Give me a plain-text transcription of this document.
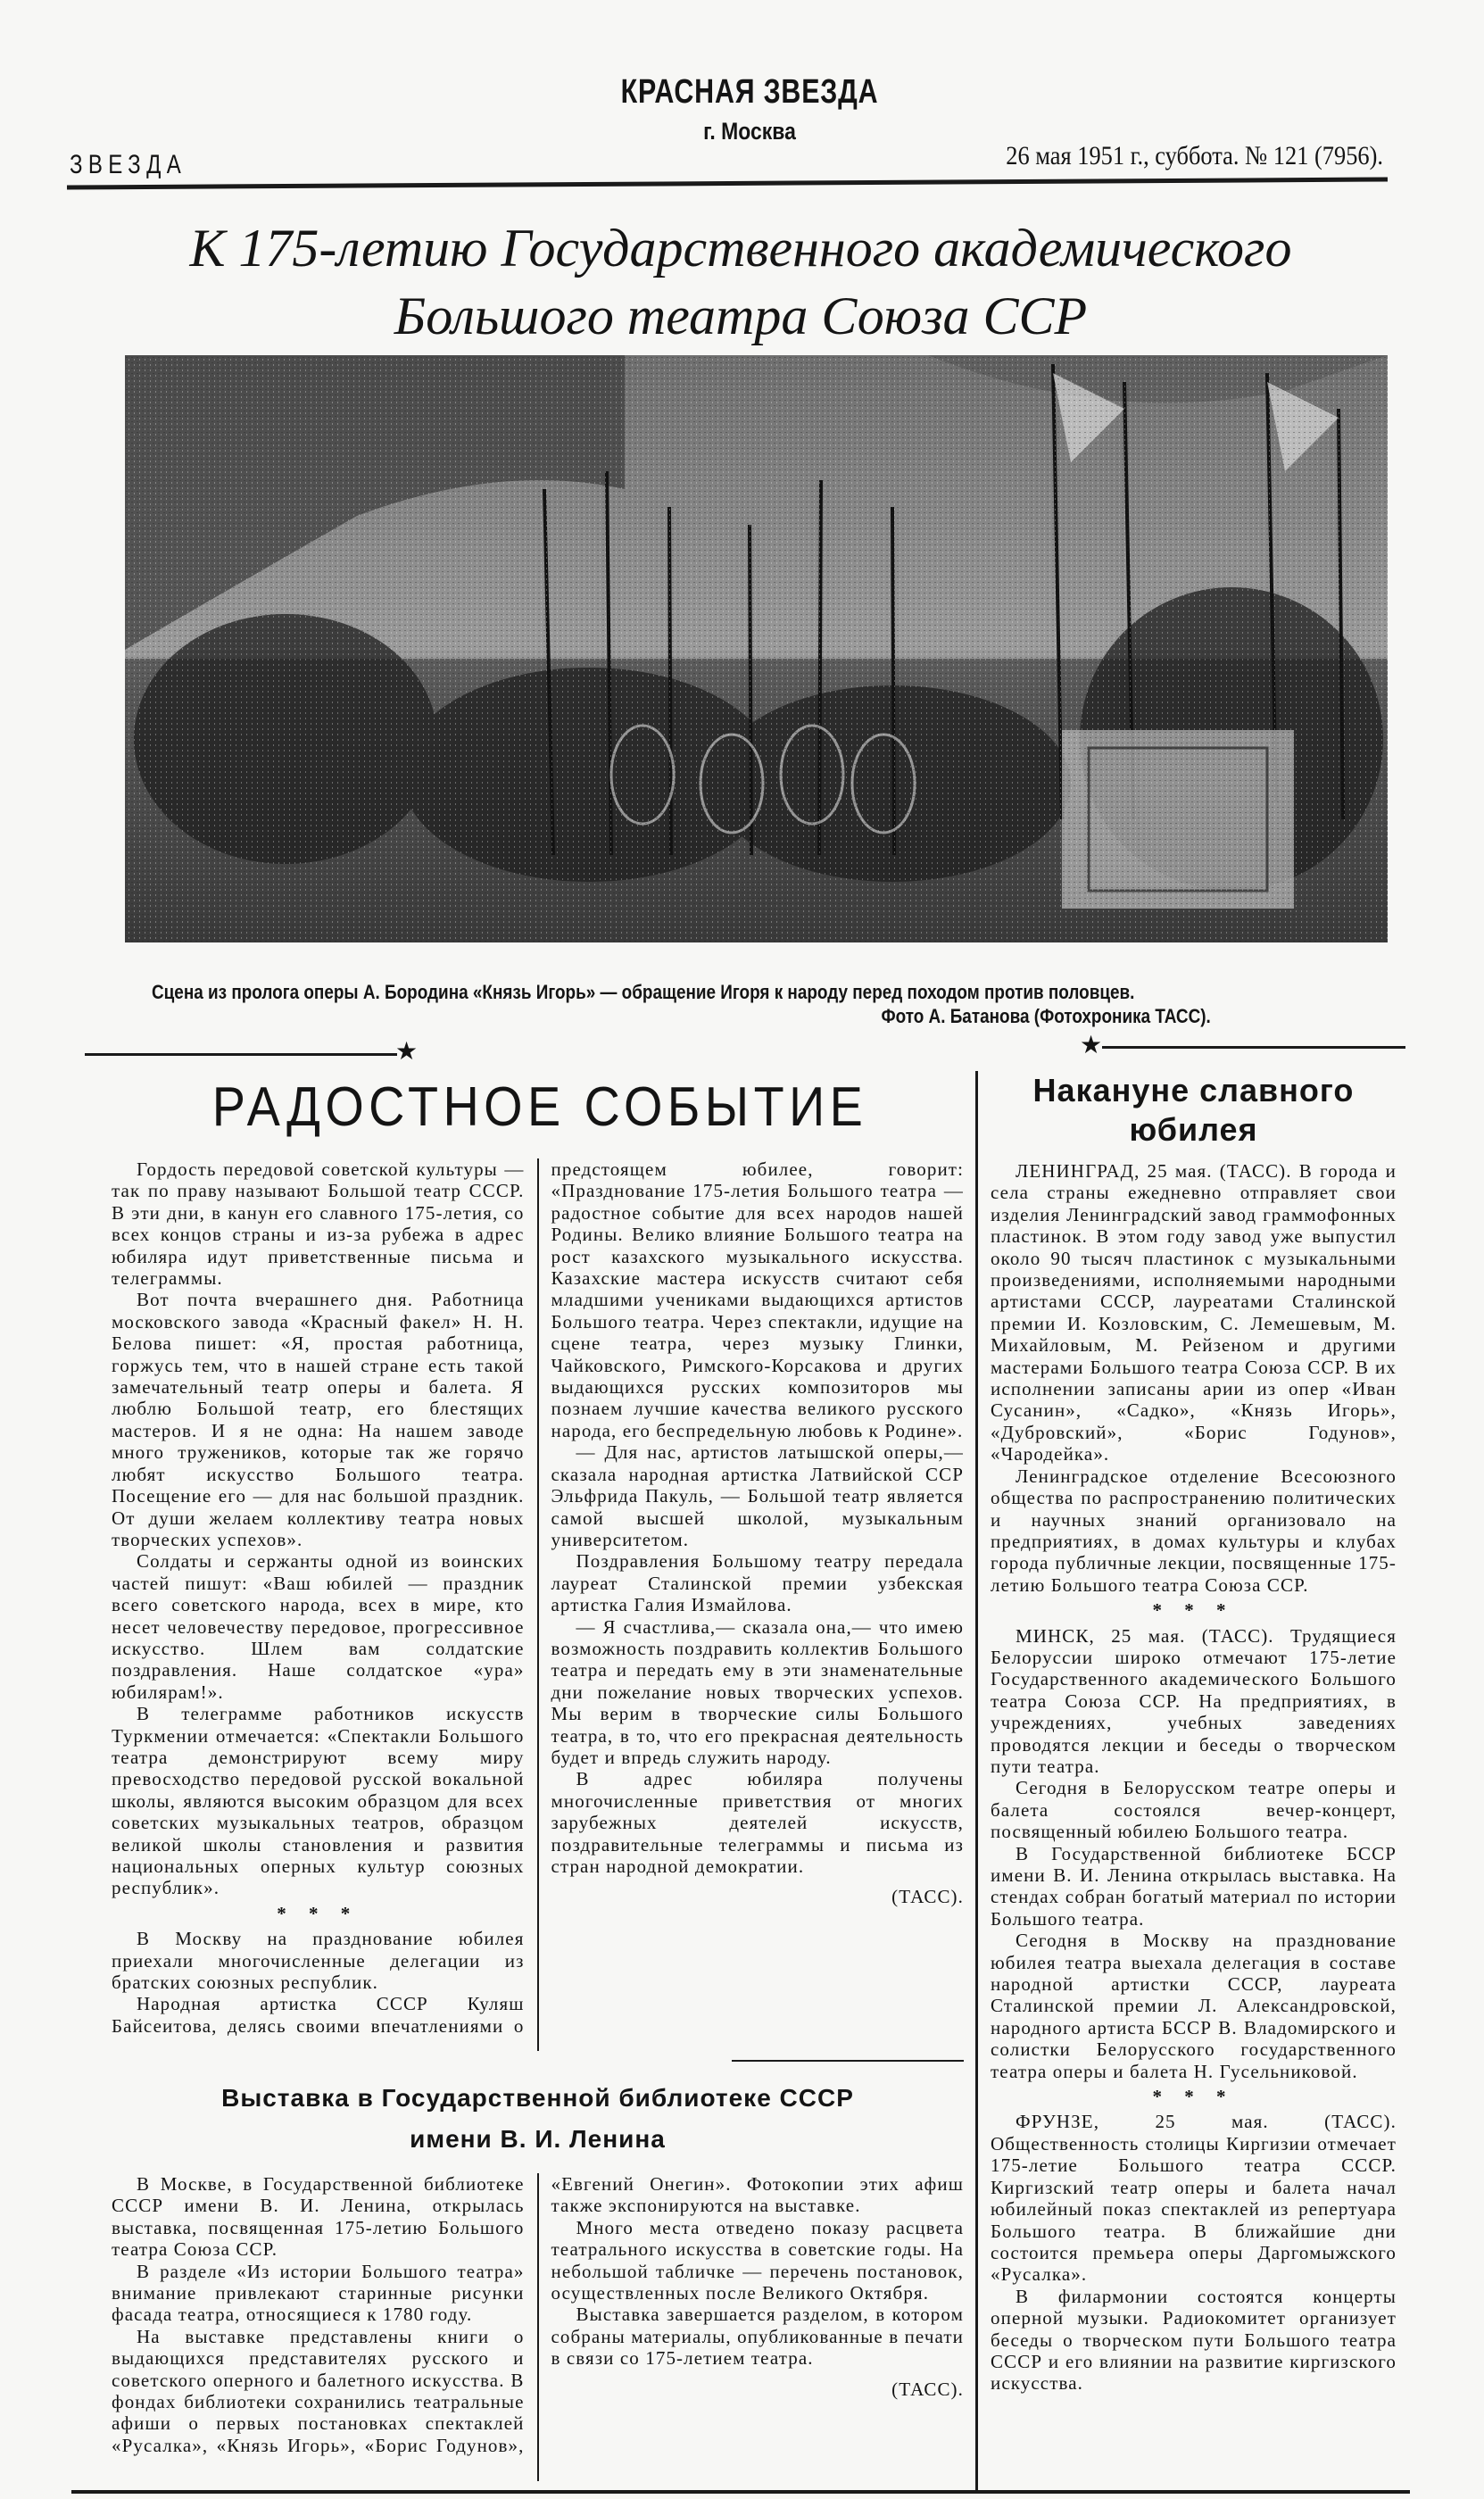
КРАСНАЯ ЗВЕЗДА
г. Москва
ЗВЕЗДА	26 мая 1951 г., суббота. № 121 (7956).
К 175-летию Государственного академического
Большого театра Союза ССР
Сцена из пролога оперы А. Бородина «Князь Игорь» — обращение Игоря к народу перед походом против половцев.
Фото А. Батанова (Фотохроника ТАСС).
★	★
РАДОСТНОЕ СОБЫТИЕ

Гордость передовой советской культуры — так по праву называют Большой театр СССР. В эти дни, в канун его славного 175-летия, со всех концов страны и из-за рубежа в адрес юбиляра идут приветственные письма и телеграммы.

Вот почта вчерашнего дня. Работница московского завода «Красный факел» Н. Н. Белова пишет: «Я, простая работница, горжусь тем, что в нашей стране есть такой замечательный театр оперы и балета. Я люблю Большой театр, его блестящих мастеров. И я не одна: На нашем заводе много тружеников, которые так же горячо любят искусство Большого театра. Посещение его — для нас большой праздник. От души желаем коллективу театра новых творческих успехов».

Солдаты и сержанты одной из воинских частей пишут: «Ваш юбилей — праздник всего советского народа, всех в мире, кто несет человечеству передовое, прогрессивное искусство. Шлем вам солдатские поздравления. Наше солдатское «ура» юбилярам!».

В телеграмме работников искусств Туркмении отмечается: «Спектакли Большого театра демонстрируют всему миру превосходство передовой русской вокальной школы, являются высоким образцом для всех советских музыкальных театров, образцом великой школы становления и развития национальных оперных культур союзных республик».

* * *

В Москву на празднование юбилея приехали многочисленные делегации из братских союзных республик.

Народная артистка СССР Куляш Байсеитова, делясь своими впечатлениями о предстоящем юбилее, говорит: «Празднование 175-летия Большого театра — радостное событие для всех народов нашей Родины. Велико влияние Большого театра на рост казахского музыкального искусства. Казахские мастера искусств считают себя младшими учениками выдающихся артистов Большого театра. Через спектакли, идущие на сцене театра, через музыку Глинки, Чайковского, Римского-Корсакова и других выдающихся русских композиторов мы познаем лучшие качества великого русского народа, его беспредельную любовь к Родине».

— Для нас, артистов латышской оперы,— сказала народная артистка Латвийской ССР Эльфрида Пакуль, — Большой театр является самой высшей школой, музыкальным университетом.

Поздравления Большому театру передала лауреат Сталинской премии узбекская артистка Галия Измайлова.

— Я счастлива,— сказала она,— что имею возможность поздравить коллектив Большого театра и передать ему в эти знаменательные дни пожелание новых творческих успехов. Мы верим в творческие силы Большого театра, в то, что его прекрасная деятельность будет и впредь служить народу.

В адрес юбиляра получены многочисленные приветствия от многих зарубежных деятелей искусств, поздравительные телеграммы и письма из стран народной демократии.

(ТАСС).

Накануне славного юбилея

ЛЕНИНГРАД, 25 мая. (ТАСС). В города и села страны ежедневно отправляет свои изделия Ленинградский завод граммофонных пластинок. В этом году завод уже выпустил около 90 тысяч пластинок с музыкальными произведениями, исполняемыми народными артистами СССР, лауреатами Сталинской премии И. Козловским, С. Лемешевым, М. Михайловым, М. Рейзеном и другими мастерами Большого театра Союза ССР. В их исполнении записаны арии из опер «Иван Сусанин», «Садко», «Князь Игорь», «Дубровский», «Борис Годунов», «Чародейка».

Ленинградское отделение Всесоюзного общества по распространению политических и научных знаний организовало на предприятиях, в домах культуры и клубах города публичные лекции, посвященные 175-летию Большого театра Союза ССР.

* * *

МИНСК, 25 мая. (ТАСС). Трудящиеся Белоруссии широко отмечают 175-летие Государственного академического Большого театра Союза ССР. На предприятиях, в учреждениях, учебных заведениях проводятся лекции и беседы о творческом пути театра.

Сегодня в Белорусском театре оперы и балета состоялся вечер-концерт, посвященный юбилею Большого театра.

В Государственной библиотеке БССР имени В. И. Ленина открылась выставка. На стендах собран богатый материал по истории Большого театра.

Сегодня в Москву на празднование юбилея театра выехала делегация в составе народной артистки СССР, лауреата Сталинской премии Л. Александровской, народного артиста БССР В. Владомирского и солистки Белорусского государственного театра оперы и балета Н. Гусельниковой.

* * *

ФРУНЗЕ, 25 мая. (ТАСС). Общественность столицы Киргизии отмечает 175-летие Большого театра СССР. Киргизский театр оперы и балета начал юбилейный показ спектаклей из репертуара Большого театра. В ближайшие дни состоится премьера оперы Даргомыжского «Русалка».

В филармонии состоятся концерты оперной музыки. Радиокомитет организует беседы о творческом пути Большого театра СССР и его влиянии на развитие киргизского искусства.

Выставка в Государственной библиотеке СССР
имени В. И. Ленина

В Москве, в Государственной библиотеке СССР имени В. И. Ленина, открылась выставка, посвященная 175-летию Большого театра Союза ССР.

В разделе «Из истории Большого театра» внимание привлекают старинные рисунки фасада театра, относящиеся к 1780 году.

На выставке представлены книги о выдающихся представителях русского и советского оперного и балетного искусства. В фондах библиотеки сохранились театральные афиши о первых постановках спектаклей «Русалка», «Князь Игорь», «Борис Годунов», «Евгений Онегин». Фотокопии этих афиш также экспонируются на выставке.

Много места отведено показу расцвета театрального искусства в советские годы. На небольшой табличке — перечень постановок, осуществленных после Великого Октября.

Выставка завершается разделом, в котором собраны материалы, опубликованные в печати в связи со 175-летием театра.

(ТАСС).
